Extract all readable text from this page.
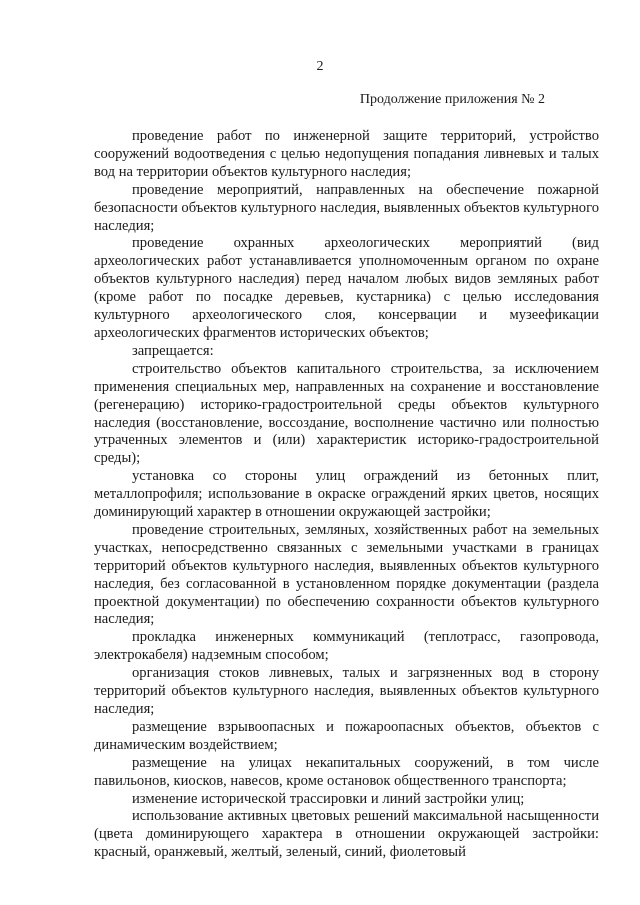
2
Продолжение приложения № 2

проведение работ по инженерной защите территорий, устройство сооружений водоотведения с целью недопущения попадания ливневых и талых вод на территории объектов культурного наследия;

проведение мероприятий, направленных на обеспечение пожарной безопасности объектов культурного наследия, выявленных объектов культурного наследия;

проведение охранных археологических мероприятий (вид археологических работ устанавливается уполномоченным органом по охране объектов культурного наследия) перед началом любых видов земляных работ (кроме работ по посадке деревьев, кустарника) с целью исследования культурного археологического слоя, консервации и музеефикации археологических фрагментов исторических объектов;

запрещается:

строительство объектов капитального строительства, за исключением применения специальных мер, направленных на сохранение и восстановление (регенерацию) историко-градостроительной среды объектов культурного наследия (восстановление, воссоздание, восполнение частично или полностью утраченных элементов и (или) характеристик историко-градостроительной среды);

установка со стороны улиц ограждений из бетонных плит, металлопрофиля; использование в окраске ограждений ярких цветов, носящих доминирующий характер в отношении окружающей застройки;

проведение строительных, земляных, хозяйственных работ на земельных участках, непосредственно связанных с земельными участками в границах территорий объектов культурного наследия, выявленных объектов культурного наследия, без согласованной в установленном порядке документации (раздела проектной документации) по обеспечению сохранности объектов культурного наследия;

прокладка инженерных коммуникаций (теплотрасс, газопровода, электрокабеля) надземным способом;

организация стоков ливневых, талых и загрязненных вод в сторону территорий объектов культурного наследия, выявленных объектов культурного наследия;

размещение взрывоопасных и пожароопасных объектов, объектов с динамическим воздействием;

размещение на улицах некапитальных сооружений, в том числе павильонов, киосков, навесов, кроме остановок общественного транспорта;

изменение исторической трассировки и линий застройки улиц;

использование активных цветовых решений максимальной насыщенности (цвета доминирующего характера в отношении окружающей застройки: красный, оранжевый, желтый, зеленый, синий, фиолетовый
